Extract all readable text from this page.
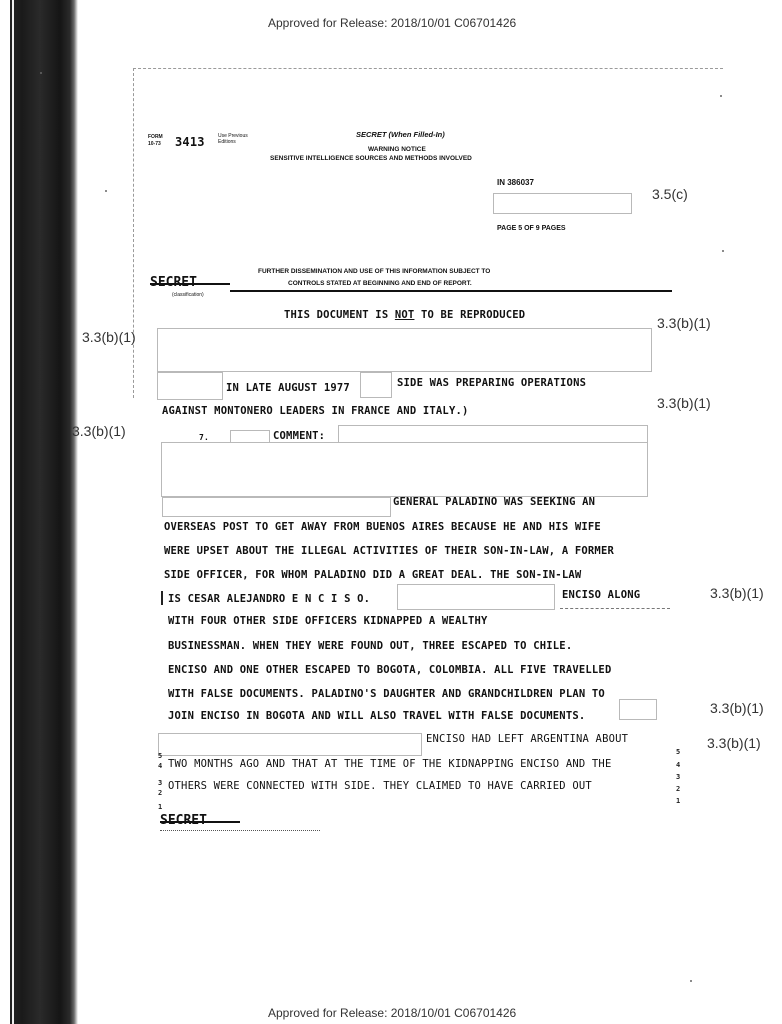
Approved for Release: 2018/10/01 C06701426
Approved for Release: 2018/10/01 C06701426
FORM
10-73 3413	Use Previous Editions
SECRET (When Filled-In)
WARNING NOTICE
SENSITIVE INTELLIGENCE SOURCES AND METHODS INVOLVED
IN 386037
3.5(c)
PAGE 5 OF 9 PAGES
(classification)
FURTHER DISSEMINATION AND USE OF THIS INFORMATION SUBJECT TO
CONTROLS STATED AT BEGINNING AND END OF REPORT.
THIS DOCUMENT IS NOT TO BE REPRODUCED
3.3(b)(1)
3.3(b)(1)
IN LATE AUGUST 1977	SIDE WAS PREPARING OPERATIONS
AGAINST MONTONERO LEADERS IN FRANCE AND ITALY.)	3.3(b)(1)
3.3(b)(1)	7.	COMMENT:
GENERAL PALADINO WAS SEEKING AN
OVERSEAS POST TO GET AWAY FROM BUENOS AIRES BECAUSE HE AND HIS WIFE
WERE UPSET ABOUT THE ILLEGAL ACTIVITIES OF THEIR SON-IN-LAW, A FORMER
SIDE OFFICER, FOR WHOM PALADINO DID A GREAT DEAL. THE SON-IN-LAW
IS CESAR ALEJANDRO E N C I S O.	ENCISO ALONG	3.3(b)(1)
WITH FOUR OTHER SIDE OFFICERS KIDNAPPED A WEALTHY
BUSINESSMAN. WHEN THEY WERE FOUND OUT, THREE ESCAPED TO CHILE.
ENCISO AND ONE OTHER ESCAPED TO BOGOTA, COLOMBIA. ALL FIVE TRAVELLED
WITH FALSE DOCUMENTS. PALADINO'S DAUGHTER AND GRANDCHILDREN PLAN TO
JOIN ENCISO IN BOGOTA AND WILL ALSO TRAVEL WITH FALSE DOCUMENTS.	3.3(b)(1)
ENCISO HAD LEFT ARGENTINA ABOUT	3.3(b)(1)
TWO MONTHS AGO AND THAT AT THE TIME OF THE KIDNAPPING ENCISO AND THE
OTHERS WERE CONNECTED WITH SIDE. THEY CLAIMED TO HAVE CARRIED OUT
5
4
3
2
1
5
4
3
2
1
